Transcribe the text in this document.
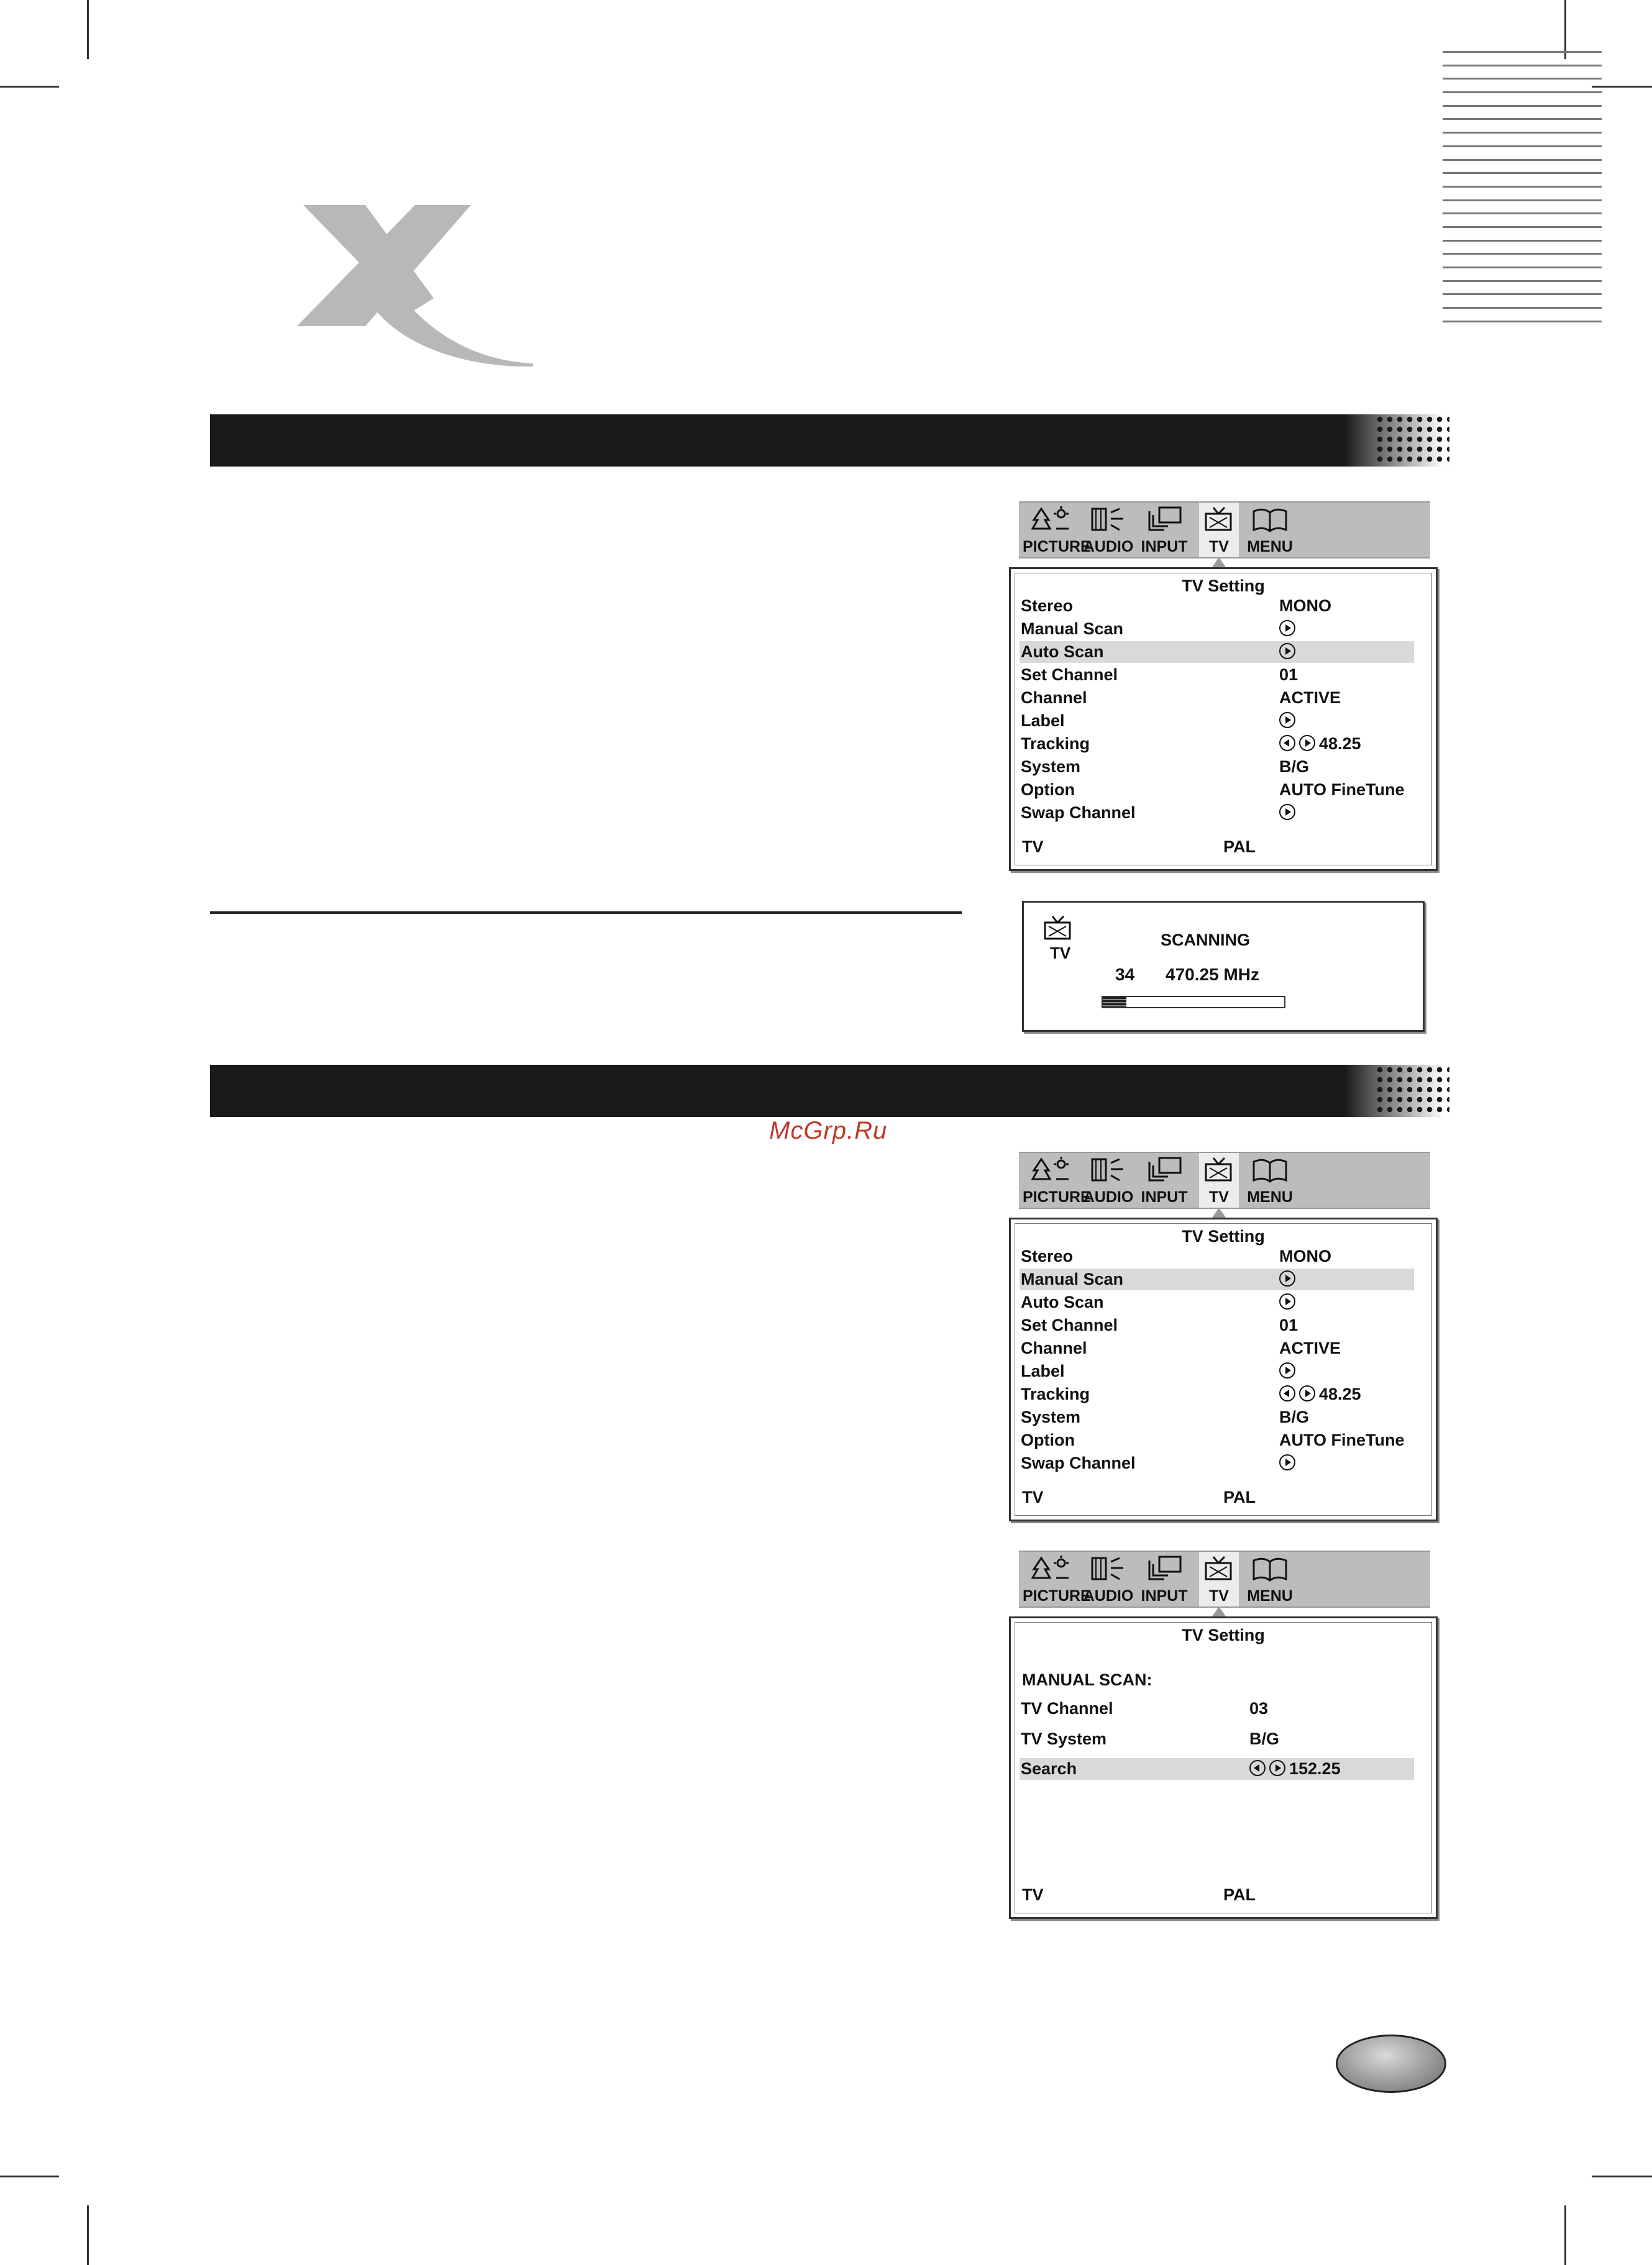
PICTURE
AUDIO INPUT	TV	MENU
TV Setting
Stereo	MONO
Manual Scan
Auto Scan
Set Channel	01
Channel	ACTIVE
Label
Tracking	48.25
System	B/G
Option	AUTO FineTune
Swap Channel
TV	PAL
TV
SCANNING
34 470.25 MHz
McGrp.Ru
PICTURE
AUDIO INPUT	TV	MENU
TV Setting
Stereo	MONO
Manual Scan
Auto Scan
Set Channel	01
Channel	ACTIVE
Label
Tracking	48.25
System	B/G
Option	AUTO FineTune
Swap Channel
TV	PAL
PICTURE
AUDIO INPUT	TV	MENU
TV Setting
MANUAL SCAN:
TV Channel	03
TV System	B/G
Search	152.25
TV	PAL
